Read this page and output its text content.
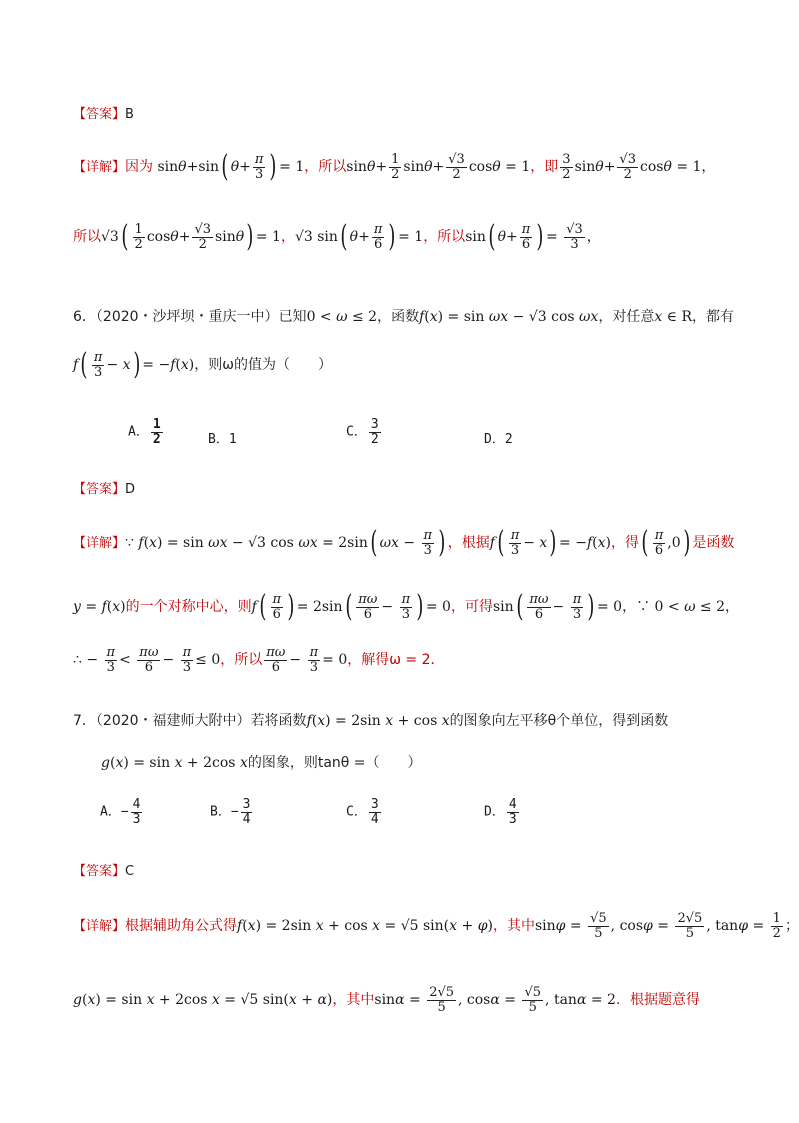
【答案】B
【详解】因为 sinθ+sin( $\theta+ \frac{\pi}{3}$ ) = 1，所以$\sin\theta+ \frac{1}{2} \sin\theta+ \frac{√3}{2}$ cosθ = 1，即 $\frac{3}{2} \sin\theta+ \frac{√3}{2}$ cosθ = 1，
所以$√3( \frac{1}{2} \cos\theta+ \frac{√3}{2} \sin\theta) = 1$，√3 sin( $\theta+ \frac{\pi}{6}$ ) = 1，所以sin( $\theta+ \frac{\pi}{6}$ ) = $\frac{√3}{3}$ ，
6．（2020・沙坪坝・重庆一中）已知0 < ω ≤ 2，函数f(x) = sin ωx − √3 cos ωx，对任意x ∈ R，都有
$f( \frac{\pi}{3} - x) = -f(x)$，则ω的值为（　　）
A． $\frac{1}{2}$	B．1	C． $\frac{3}{2}$	D．2
【答案】D
【详解】∵ f(x) = sin ωx − √3 cos ωx = 2sin( $\omega x - \frac{\pi}{3}$ ) ，根据$f( \frac{\pi}{3} - x) = -f(x)$，得( $\frac{\pi}{6} ,0$) 是函数
y = f(x)的一个对称中心，则$f( \frac{\pi}{6}$ ) = $2\sin( \frac{\pi\omega}{6} - \frac{\pi}{3}$ ) = 0，可得$\sin( \frac{\pi\omega}{6} - \frac{\pi}{3}$ ) = 0，∵ 0 < ω ≤ 2，
∴ − $\frac{\pi}{3} < \frac{\pi\omega}{6} - \frac{\pi}{3} \le 0$，所以 $\frac{\pi\omega}{6} - \frac{\pi}{3} = 0$，解得ω = 2．
7．（2020・福建师大附中）若将函数f(x) = 2sin x + cos x的图象向左平移θ个单位，得到函数
g(x) = sin x + 2cos x的图象，则tanθ =（　　）
A．− $\frac{4}{3}$	B．− $\frac{3}{4}$	C． $\frac{3}{4}$	D． $\frac{4}{3}$
【答案】C
【详解】根据辅助角公式得f(x) = 2sin x + cos x = √5 sin(x + φ)，其中$\sin\varphi = \frac{√5}{5}$ , $\cos\varphi = \frac{2√5}{5}$ , $\tan\varphi = \frac{1}{2}$ ；
g(x) = sin x + 2cos x = √5 sin(x + α)，其中$\sin\alpha = \frac{2√5}{5}$ , $\cos\alpha = \frac{√5}{5}$ , tanα = 2．根据题意得
